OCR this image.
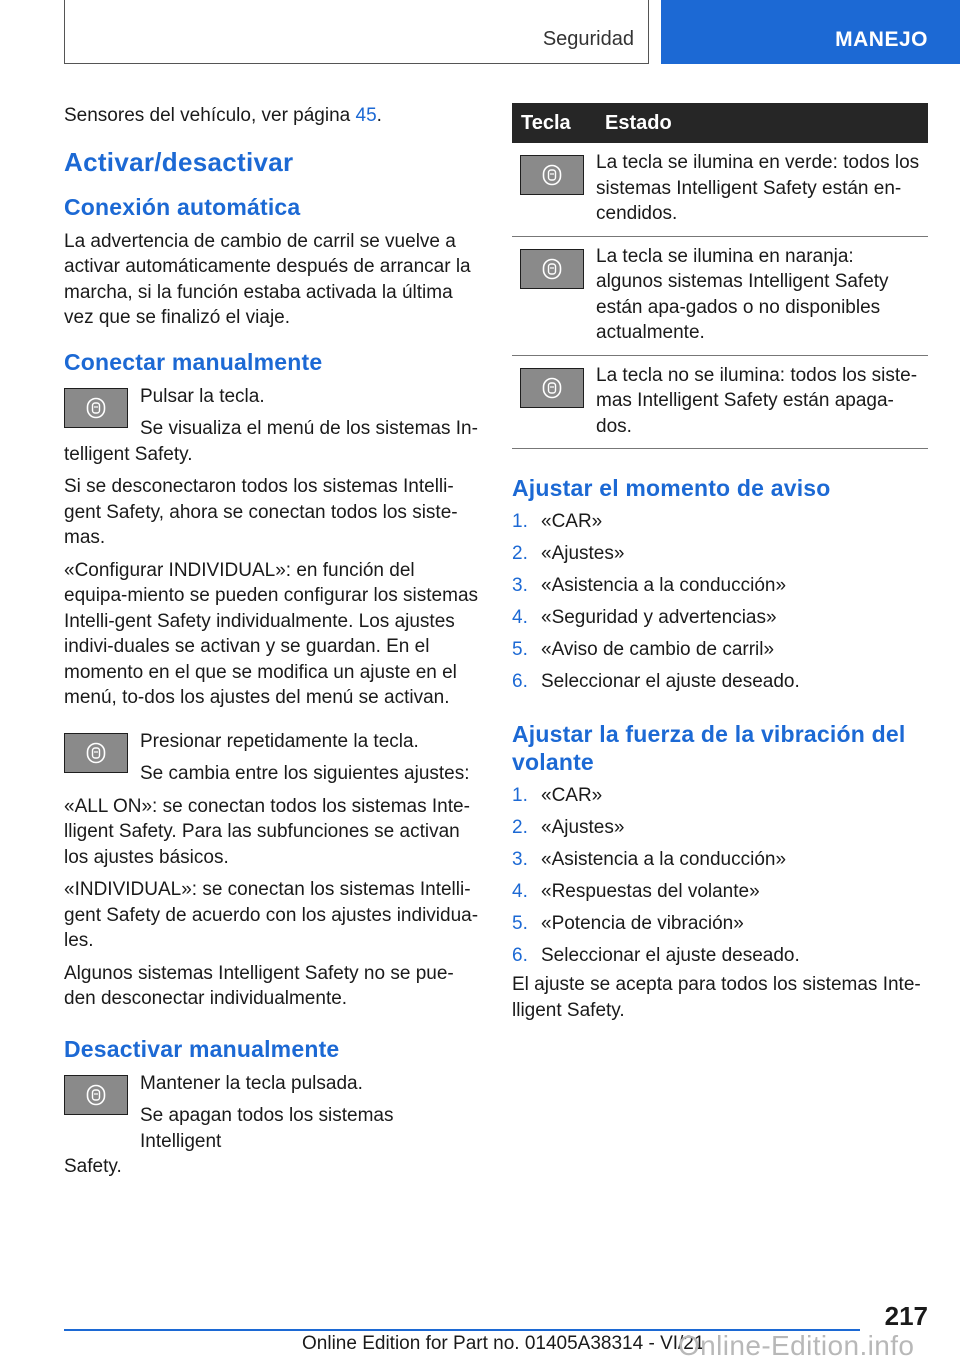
Seguridad	MANEJO

Sensores del vehículo, ver página 45.

Activar/desactivar
Conexión automática

La advertencia de cambio de carril se vuelve a activar automáticamente después de arrancar la marcha, si la función estaba activada la última vez que se finalizó el viaje.

Conectar manualmente

Pulsar la tecla.

Se visualiza el menú de los sistemas In-

telligent Safety.

Si se desconectaron todos los sistemas Intelli-gent Safety, ahora se conectan todos los siste-mas.

«Configurar INDIVIDUAL»: en función del equipa-miento se pueden configurar los sistemas Intelli-gent Safety individualmente. Los ajustes indivi-duales se activan y se guardan. En el momento en el que se modifica un ajuste en el menú, to-dos los ajustes del menú se activan.

Presionar repetidamente la tecla.

Se cambia entre los siguientes ajustes:

«ALL ON»: se conectan todos los sistemas Inte-lligent Safety. Para las subfunciones se activan los ajustes básicos.

«INDIVIDUAL»: se conectan los sistemas Intelli-gent Safety de acuerdo con los ajustes individua-les.

Algunos sistemas Intelligent Safety no se pue-den desconectar individualmente.

Desactivar manualmente

Mantener la tecla pulsada.

Se apagan todos los sistemas Intelligent

Safety.

Tecla	Estado

	La tecla se ilumina en verde: todos los sistemas Intelligent Safety están en-cendidos.

	La tecla se ilumina en naranja: algunos sistemas Intelligent Safety están apa-gados o no disponibles actualmente.

	La tecla no se ilumina: todos los siste-mas Intelligent Safety están apaga-dos.
Ajustar el momento de aviso
1. «CAR»
2. «Ajustes»
3. «Asistencia a la conducción»
4. «Seguridad y advertencias»
5. «Aviso de cambio de carril»
6. Seleccionar el ajuste deseado.
Ajustar la fuerza de la vibración del volante
1. «CAR»
2. «Ajustes»
3. «Asistencia a la conducción»
4. «Respuestas del volante»
5. «Potencia de vibración»
6. Seleccionar el ajuste deseado.

El ajuste se acepta para todos los sistemas Inte-lligent Safety.

217
Online Edition for Part no. 01405A38314 - VI/21
Online-Edition.info
